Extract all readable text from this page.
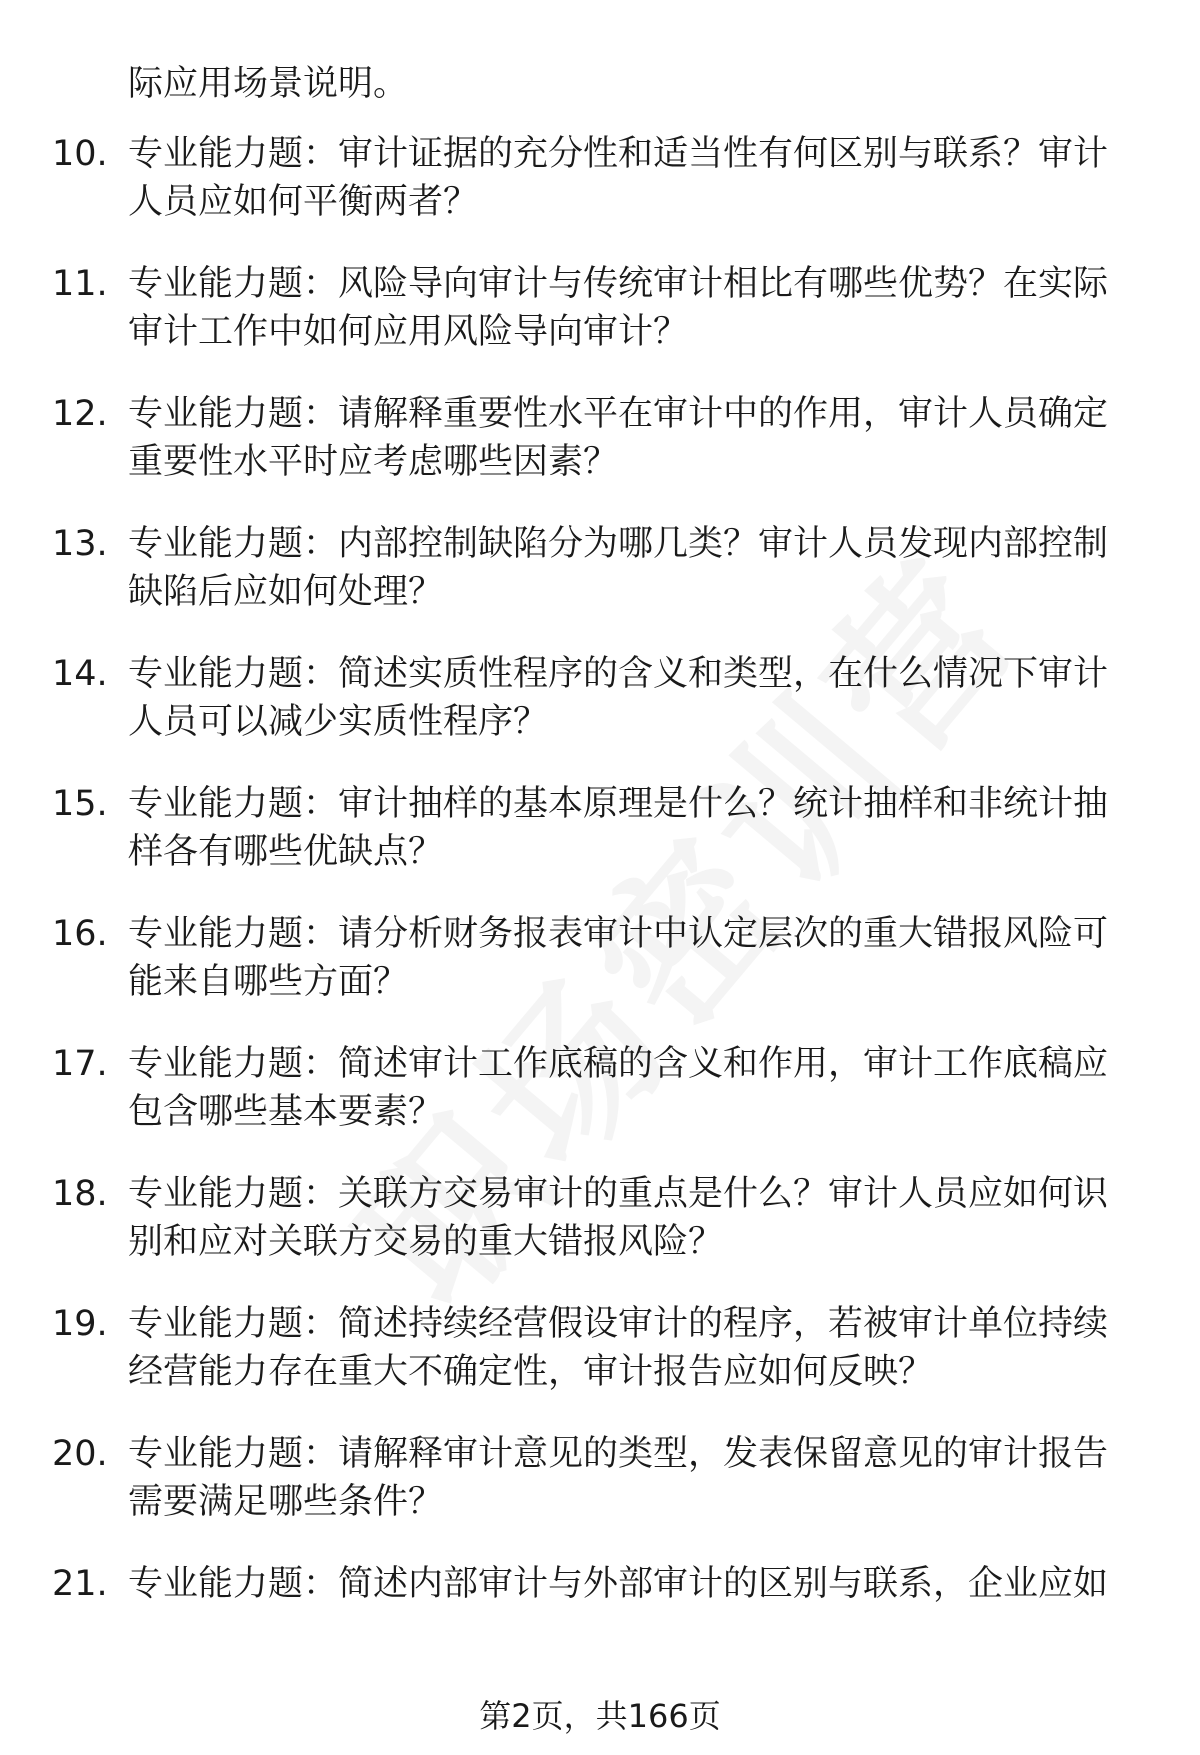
际应用场景说明。
10. 专业能力题：审计证据的充分性和适当性有何区别与联系？审计
人员应如何平衡两者？
11. 专业能力题：风险导向审计与传统审计相比有哪些优势？在实际
审计工作中如何应用风险导向审计？
12. 专业能力题：请解释重要性水平在审计中的作用，审计人员确定
重要性水平时应考虑哪些因素？
13. 专业能力题：内部控制缺陷分为哪几类？审计人员发现内部控制
缺陷后应如何处理？
14. 专业能力题：简述实质性程序的含义和类型，在什么情况下审计
人员可以减少实质性程序？
15. 专业能力题：审计抽样的基本原理是什么？统计抽样和非统计抽
样各有哪些优缺点？
16. 专业能力题：请分析财务报表审计中认定层次的重大错报风险可
能来自哪些方面？
17. 专业能力题：简述审计工作底稿的含义和作用，审计工作底稿应
包含哪些基本要素？
18. 专业能力题：关联方交易审计的重点是什么？审计人员应如何识
别和应对关联方交易的重大错报风险？
19. 专业能力题：简述持续经营假设审计的程序，若被审计单位持续
经营能力存在重大不确定性，审计报告应如何反映？
20. 专业能力题：请解释审计意见的类型，发表保留意见的审计报告
需要满足哪些条件？
21. 专业能力题：简述内部审计与外部审计的区别与联系，企业应如
第2页，共166页
